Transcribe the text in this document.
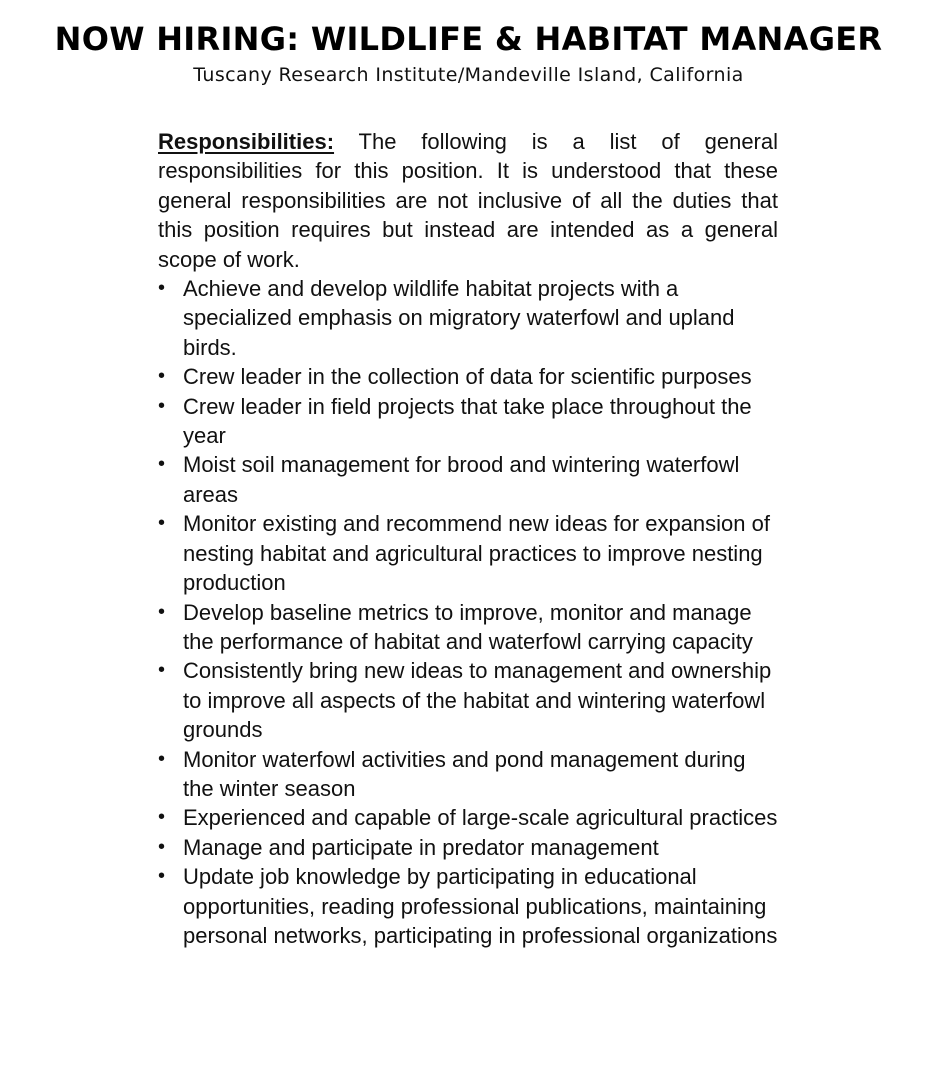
NOW HIRING: WILDLIFE & HABITAT MANAGER

Tuscany Research Institute/Mandeville Island, California

Responsibilities: The following is a list of general responsibilities for this position. It is understood that these general responsibilities are not inclusive of all the duties that this position requires but instead are intended as a general scope of work.

• Achieve and develop wildlife habitat projects with a specialized emphasis on migratory waterfowl and upland birds.
• Crew leader in the collection of data for scientific purposes
• Crew leader in field projects that take place throughout the year
• Moist soil management for brood and wintering waterfowl areas
• Monitor existing and recommend new ideas for expansion of nesting habitat and agricultural practices to improve nesting production
• Develop baseline metrics to improve, monitor and manage the performance of habitat and waterfowl carrying capacity
• Consistently bring new ideas to management and ownership to improve all aspects of the habitat and wintering waterfowl grounds
• Monitor waterfowl activities and pond management during the winter season
• Experienced and capable of large-scale agricultural practices
• Manage and participate in predator management
• Update job knowledge by participating in educational opportunities, reading professional publications, maintaining personal networks, participating in professional organizations
